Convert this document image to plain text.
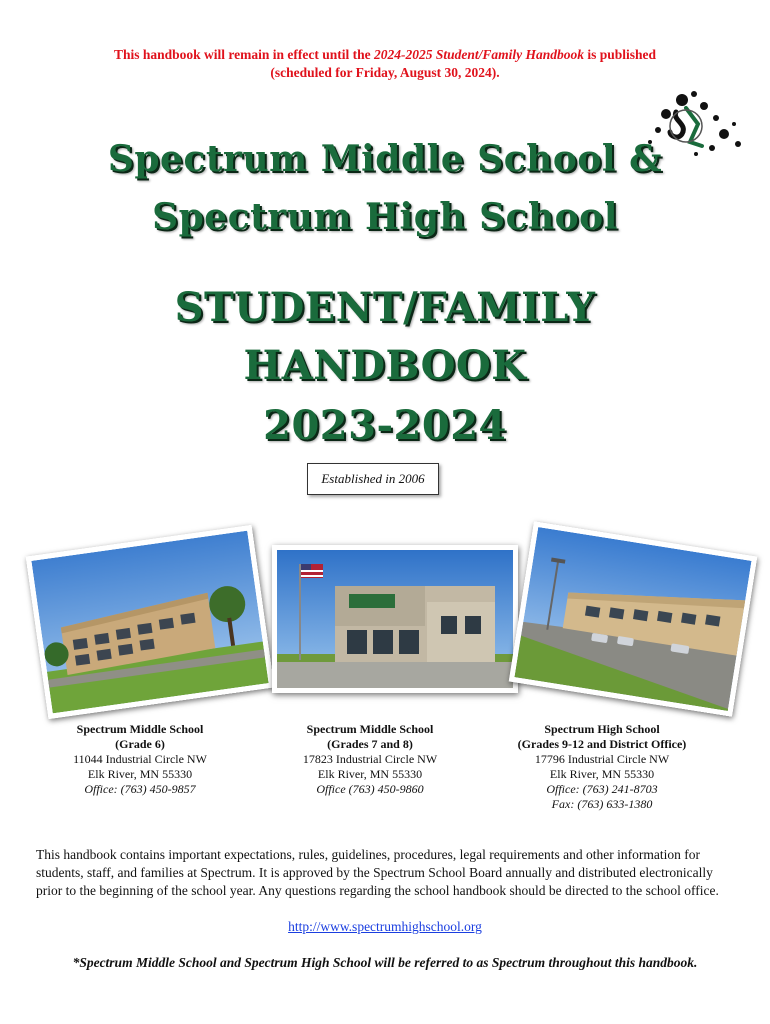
This handbook will remain in effect until the 2024-2025 Student/Family Handbook is published
(scheduled for Friday, August 30, 2024).
Spectrum Middle School &
Spectrum High School
STUDENT/FAMILY
HANDBOOK
2023-2024
Established in 2006
Spectrum Middle School
(Grade 6)
11044 Industrial Circle NW
Elk River, MN 55330
Office: (763) 450-9857
Spectrum Middle School
(Grades 7 and 8)
17823 Industrial Circle NW
Elk River, MN 55330
Office (763) 450-9860
Spectrum High School
(Grades 9-12 and District Office)
17796 Industrial Circle NW
Elk River, MN 55330
Office: (763) 241-8703
Fax: (763) 633-1380
This handbook contains important expectations, rules, guidelines, procedures, legal requirements and other information for students, staff, and families at Spectrum. It is approved by the Spectrum School Board annually and distributed electronically prior to the beginning of the school year. Any questions regarding the school handbook should be directed to the school office.
http://www.spectrumhighschool.org
*Spectrum Middle School and Spectrum High School will be referred to as Spectrum throughout this handbook.
